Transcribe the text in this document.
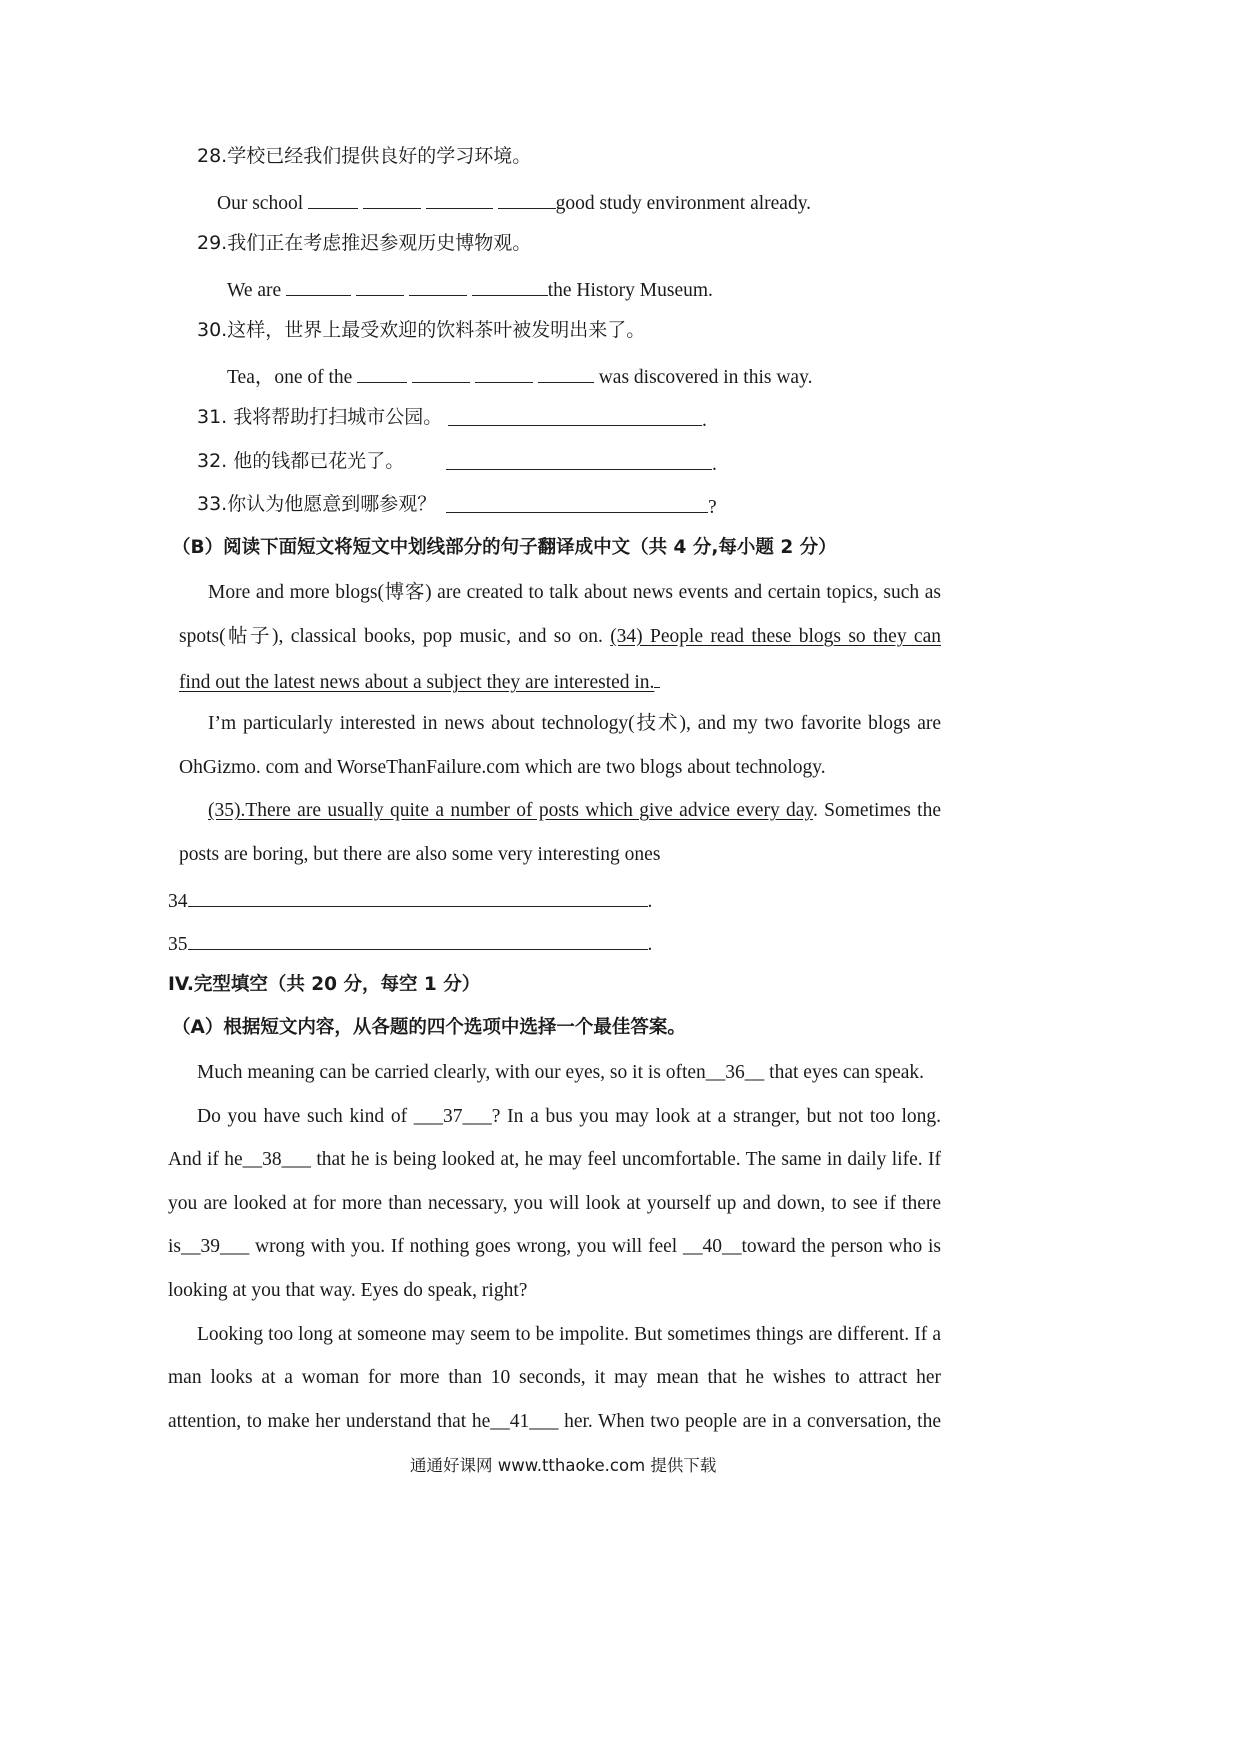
28.学校已经我们提供良好的学习环境。
Our school	good study environment already.
29.我们正在考虑推迟参观历史博物观。
We are	the History Museum.
30.这样，世界上最受欢迎的饮料茶叶被发明出来了。
Tea，one of the	was discovered in this way.
31. 我将帮助打扫城市公园。	.
32. 他的钱都已花光了。	.
33.你认为他愿意到哪参观？	?
（B）阅读下面短文将短文中划线部分的句子翻译成中文（共 4 分,每小题 2 分）
More and more blogs(博客) are created to talk about news events and certain topics, such as
spots(帖子), classical books, pop music, and so on. (34) People read these blogs so they can
find out the latest news about a subject they are interested in.
I’m particularly interested in news about technology(技术), and my two favorite blogs are
OhGizmo. com and WorseThanFailure.com which are two blogs about technology.
(35).There are usually quite a number of posts which give advice every day. Sometimes the
posts are boring, but there are also some very interesting ones
34	.
35	.
IV.完型填空（共 20 分，每空 1 分）
（A）根据短文内容，从各题的四个选项中选择一个最佳答案。
Much meaning can be carried clearly, with our eyes, so it is often__36__ that eyes can speak.
Do you have such kind of ___37___? In a bus you may look at a stranger, but not too long.
And if he__38___ that he is being looked at, he may feel uncomfortable. The same in daily life. If
you are looked at for more than necessary, you will look at yourself up and down, to see if there
is__39___ wrong with you. If nothing goes wrong, you will feel __40__toward the person who is
looking at you that way. Eyes do speak, right?
Looking too long at someone may seem to be impolite. But sometimes things are different. If a
man looks at a woman for more than 10 seconds, it may mean that he wishes to attract her
attention, to make her understand that he__41___ her. When two people are in a conversation, the
通通好课网 www.tthaoke.com 提供下载
